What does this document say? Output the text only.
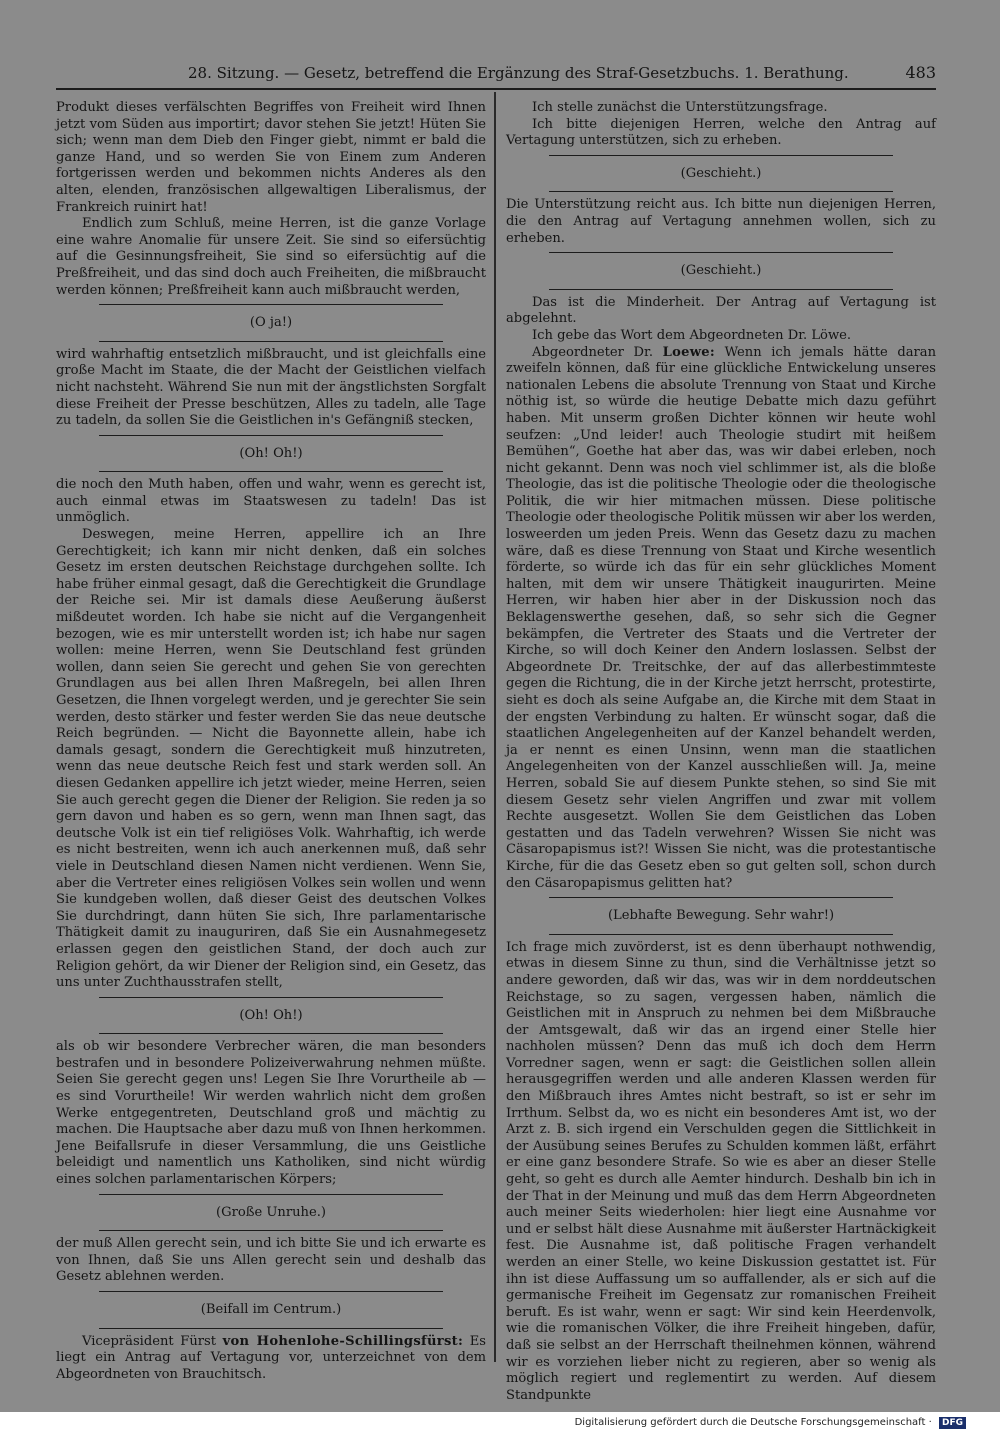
28. Sitzung. — Gesetz, betreffend die Ergänzung des Straf-Gesetzbuchs. 1. Berathung.	483

Produkt dieses verfälschten Begriffes von Freiheit wird Ihnen jetzt vom Süden aus importirt; davor stehen Sie jetzt! Hüten Sie sich; wenn man dem Dieb den Finger giebt, nimmt er bald die ganze Hand, und so werden Sie von Einem zum Anderen fortgerissen werden und bekommen nichts Anderes als den alten, elenden, französischen allgewaltigen Liberalismus, der Frankreich ruinirt hat!

Endlich zum Schluß, meine Herren, ist die ganze Vorlage eine wahre Anomalie für unsere Zeit. Sie sind so eifersüchtig auf die Gesinnungsfreiheit, Sie sind so eifersüchtig auf die Preßfreiheit, und das sind doch auch Freiheiten, die mißbraucht werden können; Preßfreiheit kann auch mißbraucht werden,

(O ja!)

wird wahrhaftig entsetzlich mißbraucht, und ist gleichfalls eine große Macht im Staate, die der Macht der Geistlichen vielfach nicht nachsteht. Während Sie nun mit der ängstlichsten Sorgfalt diese Freiheit der Presse beschützen, Alles zu tadeln, alle Tage zu tadeln, da sollen Sie die Geistlichen in's Gefängniß stecken,

(Oh! Oh!)

die noch den Muth haben, offen und wahr, wenn es gerecht ist, auch einmal etwas im Staatswesen zu tadeln! Das ist unmöglich.

Deswegen, meine Herren, appellire ich an Ihre Gerechtigkeit; ich kann mir nicht denken, daß ein solches Gesetz im ersten deutschen Reichstage durchgehen sollte. Ich habe früher einmal gesagt, daß die Gerechtigkeit die Grundlage der Reiche sei. Mir ist damals diese Aeußerung äußerst mißdeutet worden. Ich habe sie nicht auf die Vergangenheit bezogen, wie es mir unterstellt worden ist; ich habe nur sagen wollen: meine Herren, wenn Sie Deutschland fest gründen wollen, dann seien Sie gerecht und gehen Sie von gerechten Grundlagen aus bei allen Ihren Maßregeln, bei allen Ihren Gesetzen, die Ihnen vorgelegt werden, und je gerechter Sie sein werden, desto stärker und fester werden Sie das neue deutsche Reich begründen. — Nicht die Bayonnette allein, habe ich damals gesagt, sondern die Gerechtigkeit muß hinzutreten, wenn das neue deutsche Reich fest und stark werden soll. An diesen Gedanken appellire ich jetzt wieder, meine Herren, seien Sie auch gerecht gegen die Diener der Religion. Sie reden ja so gern davon und haben es so gern, wenn man Ihnen sagt, das deutsche Volk ist ein tief religiöses Volk. Wahrhaftig, ich werde es nicht bestreiten, wenn ich auch anerkennen muß, daß sehr viele in Deutschland diesen Namen nicht verdienen. Wenn Sie, aber die Vertreter eines religiösen Volkes sein wollen und wenn Sie kundgeben wollen, daß dieser Geist des deutschen Volkes Sie durchdringt, dann hüten Sie sich, Ihre parlamentarische Thätigkeit damit zu inauguriren, daß Sie ein Ausnahmegesetz erlassen gegen den geistlichen Stand, der doch auch zur Religion gehört, da wir Diener der Religion sind, ein Gesetz, das uns unter Zuchthausstrafen stellt,

(Oh! Oh!)

als ob wir besondere Verbrecher wären, die man besonders bestrafen und in besondere Polizeiverwahrung nehmen müßte. Seien Sie gerecht gegen uns! Legen Sie Ihre Vorurtheile ab — es sind Vorurtheile! Wir werden wahrlich nicht dem großen Werke entgegentreten, Deutschland groß und mächtig zu machen. Die Hauptsache aber dazu muß von Ihnen herkommen. Jene Beifallsrufe in dieser Versammlung, die uns Geistliche beleidigt und namentlich uns Katholiken, sind nicht würdig eines solchen parlamentarischen Körpers;

(Große Unruhe.)

der muß Allen gerecht sein, und ich bitte Sie und ich erwarte es von Ihnen, daß Sie uns Allen gerecht sein und deshalb das Gesetz ablehnen werden.

(Beifall im Centrum.)

Vicepräsident Fürst von Hohenlohe-Schillingsfürst: Es liegt ein Antrag auf Vertagung vor, unterzeichnet von dem Abgeordneten von Brauchitsch.

Ich stelle zunächst die Unterstützungsfrage.

Ich bitte diejenigen Herren, welche den Antrag auf Vertagung unterstützen, sich zu erheben.

(Geschieht.)

Die Unterstützung reicht aus. Ich bitte nun diejenigen Herren, die den Antrag auf Vertagung annehmen wollen, sich zu erheben.

(Geschieht.)

Das ist die Minderheit. Der Antrag auf Vertagung ist abgelehnt.

Ich gebe das Wort dem Abgeordneten Dr. Löwe.

Abgeordneter Dr. Loewe: Wenn ich jemals hätte daran zweifeln können, daß für eine glückliche Entwickelung unseres nationalen Lebens die absolute Trennung von Staat und Kirche nöthig ist, so würde die heutige Debatte mich dazu geführt haben. Mit unserm großen Dichter können wir heute wohl seufzen: „Und leider! auch Theologie studirt mit heißem Bemühen“, Goethe hat aber das, was wir dabei erleben, noch nicht gekannt. Denn was noch viel schlimmer ist, als die bloße Theologie, das ist die politische Theologie oder die theologische Politik, die wir hier mitmachen müssen. Diese politische Theologie oder theologische Politik müssen wir aber los werden, losweerden um jeden Preis. Wenn das Gesetz dazu zu machen wäre, daß es diese Trennung von Staat und Kirche wesentlich förderte, so würde ich das für ein sehr glückliches Moment halten, mit dem wir unsere Thätigkeit inaugurirten. Meine Herren, wir haben hier aber in der Diskussion noch das Beklagenswerthe gesehen, daß, so sehr sich die Gegner bekämpfen, die Vertreter des Staats und die Vertreter der Kirche, so will doch Keiner den Andern loslassen. Selbst der Abgeordnete Dr. Treitschke, der auf das allerbestimmteste gegen die Richtung, die in der Kirche jetzt herrscht, protestirte, sieht es doch als seine Aufgabe an, die Kirche mit dem Staat in der engsten Verbindung zu halten. Er wünscht sogar, daß die staatlichen Angelegenheiten auf der Kanzel behandelt werden, ja er nennt es einen Unsinn, wenn man die staatlichen Angelegenheiten von der Kanzel ausschließen will. Ja, meine Herren, sobald Sie auf diesem Punkte stehen, so sind Sie mit diesem Gesetz sehr vielen Angriffen und zwar mit vollem Rechte ausgesetzt. Wollen Sie dem Geistlichen das Loben gestatten und das Tadeln verwehren? Wissen Sie nicht was Cäsaropapismus ist?! Wissen Sie nicht, was die protestantische Kirche, für die das Gesetz eben so gut gelten soll, schon durch den Cäsaropapismus gelitten hat?

(Lebhafte Bewegung. Sehr wahr!)

Ich frage mich zuvörderst, ist es denn überhaupt nothwendig, etwas in diesem Sinne zu thun, sind die Verhältnisse jetzt so andere geworden, daß wir das, was wir in dem norddeutschen Reichstage, so zu sagen, vergessen haben, nämlich die Geistlichen mit in Anspruch zu nehmen bei dem Mißbrauche der Amtsgewalt, daß wir das an irgend einer Stelle hier nachholen müssen? Denn das muß ich doch dem Herrn Vorredner sagen, wenn er sagt: die Geistlichen sollen allein herausgegriffen werden und alle anderen Klassen werden für den Mißbrauch ihres Amtes nicht bestraft, so ist er sehr im Irrthum. Selbst da, wo es nicht ein besonderes Amt ist, wo der Arzt z. B. sich irgend ein Verschulden gegen die Sittlichkeit in der Ausübung seines Berufes zu Schulden kommen läßt, erfährt er eine ganz besondere Strafe. So wie es aber an dieser Stelle geht, so geht es durch alle Aemter hindurch. Deshalb bin ich in der That in der Meinung und muß das dem Herrn Abgeordneten auch meiner Seits wiederholen: hier liegt eine Ausnahme vor und er selbst hält diese Ausnahme mit äußerster Hartnäckigkeit fest. Die Ausnahme ist, daß politische Fragen verhandelt werden an einer Stelle, wo keine Diskussion gestattet ist. Für ihn ist diese Auffassung um so auffallender, als er sich auf die germanische Freiheit im Gegensatz zur romanischen Freiheit beruft. Es ist wahr, wenn er sagt: Wir sind kein Heerdenvolk, wie die romanischen Völker, die ihre Freiheit hingeben, dafür, daß sie selbst an der Herrschaft theilnehmen können, während wir es vorziehen lieber nicht zu regieren, aber so wenig als möglich regiert und reglementirt zu werden. Auf diesem Standpunkte

Digitalisierung gefördert durch die Deutsche Forschungsgemeinschaft · DFG
